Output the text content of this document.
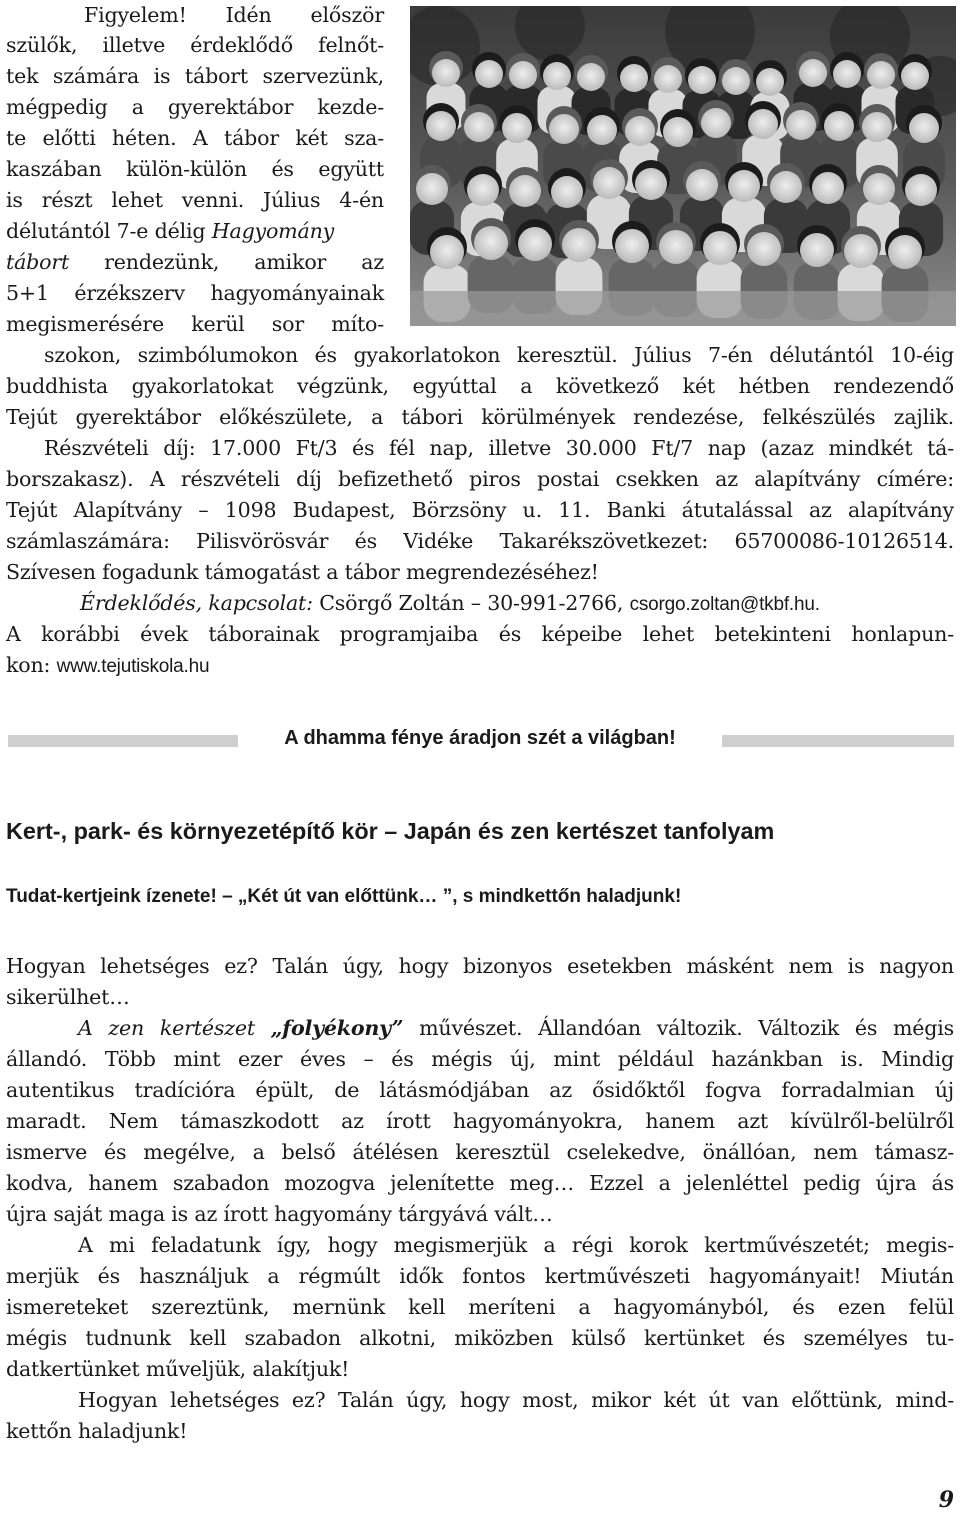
Figyelem! Idén először
szülők, illetve érdeklődő felnőt-
tek számára is tábort szervezünk,
mégpedig a gyerektábor kezde-
te előtti héten. A tábor két sza-
kaszában külön-külön és együtt
is részt lehet venni. Július 4-én
délutántól 7-e délig Hagyomány
tábort rendezünk, amikor az
5+1 érzékszerv hagyományainak
megismerésére kerül sor míto-
szokon, szimbólumokon és gyakorlatokon keresztül. Július 7-én délutántól 10-éig
buddhista gyakorlatokat végzünk, egyúttal a következő két hétben rendezendő
Tejút gyerektábor előkészülete, a tábori körülmények rendezése, felkészülés zajlik.
Részvételi díj: 17.000 Ft/3 és fél nap, illetve 30.000 Ft/7 nap (azaz mindkét tá-
borszakasz). A részvételi díj befizethető piros postai csekken az alapítvány címére:
Tejút Alapítvány – 1098 Budapest, Börzsöny u. 11. Banki átutalással az alapítvány
számlaszámára: Pilisvörösvár és Vidéke Takarékszövetkezet: 65700086-10126514.
Szívesen fogadunk támogatást a tábor megrendezéséhez!
Érdeklődés, kapcsolat: Csörgő Zoltán – 30-991-2766, csorgo.zoltan@tkbf.hu.
A korábbi évek táborainak programjaiba és képeibe lehet betekinteni honlapun-
kon: www.tejutiskola.hu
A dhamma fénye áradjon szét a világban!
Kert-, park- és környezetépítő kör – Japán és zen kertészet tanfolyam
Tudat-kertjeink ízenete! – „Két út van előttünk… ”, s mindkettőn haladjunk!
Hogyan lehetséges ez? Talán úgy, hogy bizonyos esetekben másként nem is nagyon
sikerülhet…
A zen kertészet „folyékony” művészet. Állandóan változik. Változik és mégis
állandó. Több mint ezer éves – és mégis új, mint például hazánkban is. Mindig
autentikus tradícióra épült, de látásmódjában az ősidőktől fogva forradalmian új
maradt. Nem támaszkodott az írott hagyományokra, hanem azt kívülről-belülről
ismerve és megélve, a belső átélésen keresztül cselekedve, önállóan, nem támasz-
kodva, hanem szabadon mozogva jelenítette meg… Ezzel a jelenléttel pedig újra ás
újra saját maga is az írott hagyomány tárgyává vált…
A mi feladatunk így, hogy megismerjük a régi korok kertművészetét; megis-
merjük és használjuk a régmúlt idők fontos kertművészeti hagyományait! Miután
ismereteket szereztünk, mernünk kell meríteni a hagyományból, és ezen felül
mégis tudnunk kell szabadon alkotni, miközben külső kertünket és személyes tu-
datkertünket műveljük, alakítjuk!
Hogyan lehetséges ez? Talán úgy, hogy most, mikor két út van előttünk, mind-
kettőn haladjunk!
9
